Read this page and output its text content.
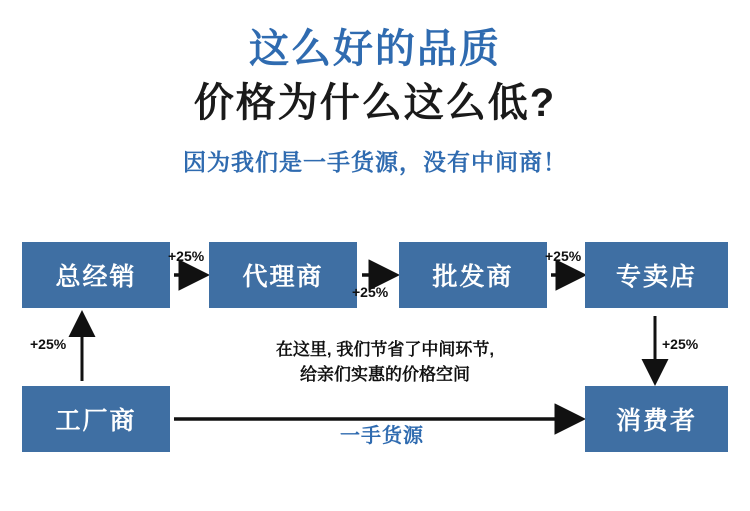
这么好的品质
价格为什么这么低?
因为我们是一手货源，没有中间商！
总经销	代理商	批发商	专卖店
工厂商	消费者
+25%
+25%
+25%
+25%
+25%	在这里, 我们节省了中间环节,
给亲们实惠的价格空间
一手货源
